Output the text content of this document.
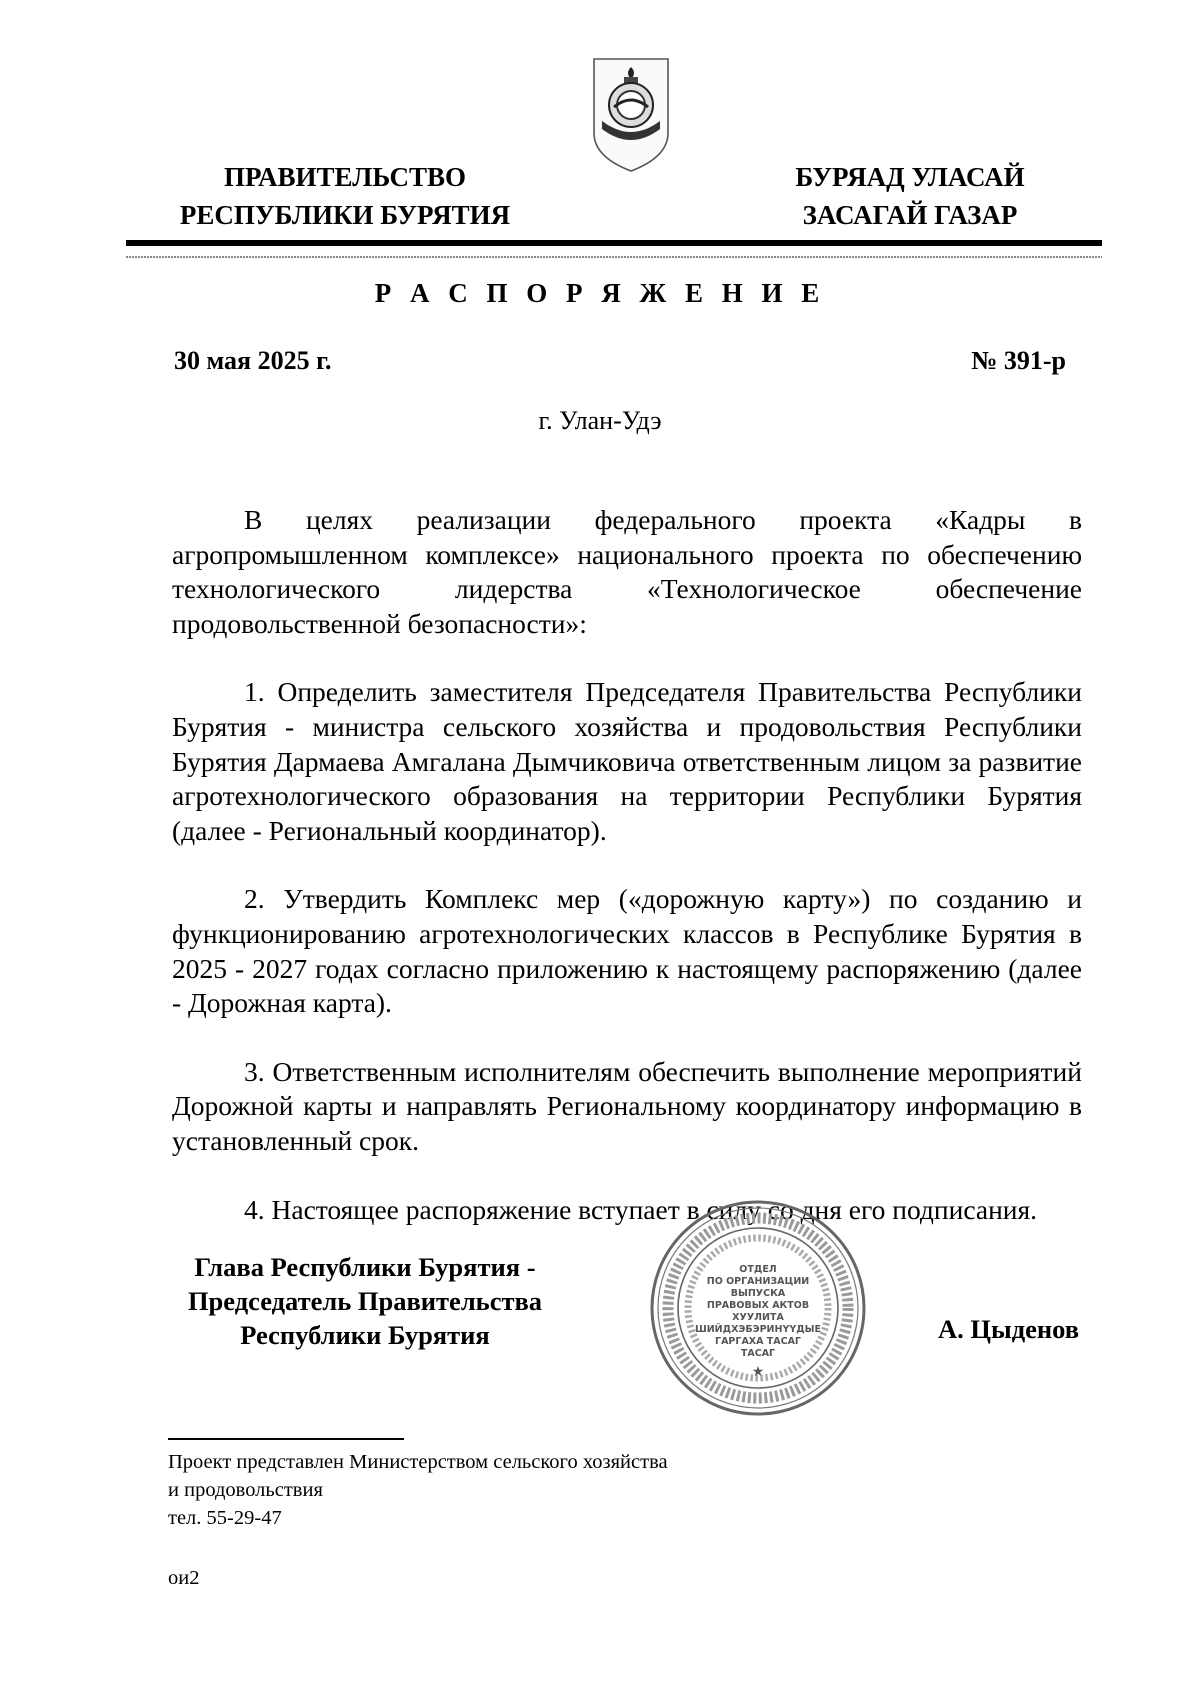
ПРАВИТЕЛЬСТВО
РЕСПУБЛИКИ БУРЯТИЯ
БУРЯАД УЛАСАЙ
ЗАСАГАЙ ГАЗАР
Р А С П О Р Я Ж Е Н И Е
30 мая 2025 г.	№ 391-р
г. Улан-Удэ

В целях реализации федерального проекта «Кадры в агропромышленном комплексе» национального проекта по обеспечению технологического лидерства «Технологическое обеспечение продовольственной безопасности»:

1. Определить заместителя Председателя Правительства Республики Бурятия - министра сельского хозяйства и продовольствия Республики Бурятия Дармаева Амгалана Дымчиковича ответственным лицом за развитие агротехнологического образования на территории Республики Бурятия (далее - Региональный координатор).

2. Утвердить Комплекс мер («дорожную карту») по созданию и функционированию агротехнологических классов в Республике Бурятия в 2025 - 2027 годах согласно приложению к настоящему распоряжению (далее - Дорожная карта).

3. Ответственным исполнителям обеспечить выполнение мероприятий Дорожной карты и направлять Региональному координатору информацию в установленный срок.

4. Настоящее распоряжение вступает в силу со дня его подписания.

Глава Республики Бурятия -
Председатель Правительства
Республики Бурятия
ОТДЕЛ
ПО ОРГАНИЗАЦИИ
ВЫПУСКА
ПРАВОВЫХ АКТОВ
ХУУЛИТА
ШИЙДХЭБЭРИНҮҮДЫЕ
ГАРГАХА ТАСАГ
ТАСАГ
★
А. Цыденов
Проект представлен Министерством сельского хозяйства
и продовольствия
тел. 55-29-47
ои2
